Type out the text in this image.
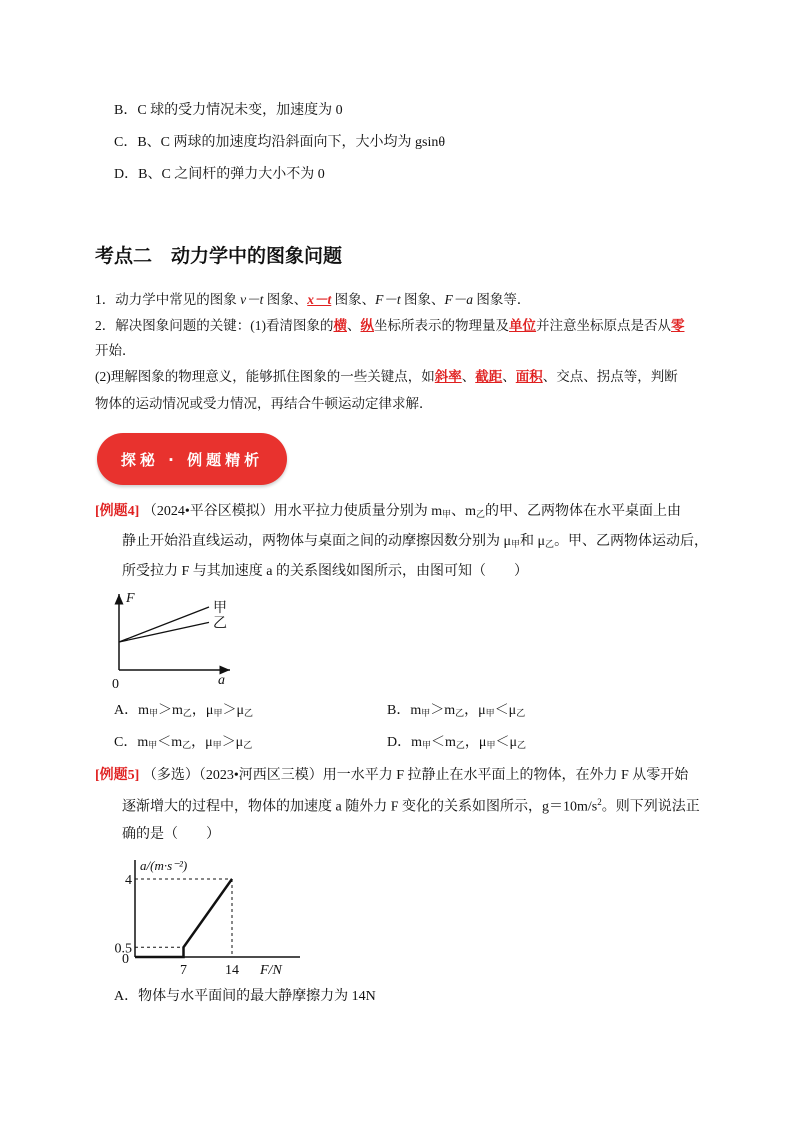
B．C 球的受力情况未变，加速度为 0
C．B、C 两球的加速度均沿斜面向下，大小均为 gsinθ
D．B、C 之间杆的弹力大小不为 0
考点二　动力学中的图象问题
1．动力学中常见的图象 v－t 图象、x－t 图象、F－t 图象、F－a 图象等．
2．解决图象问题的关键：(1)看清图象的横、纵坐标所表示的物理量及单位并注意坐标原点是否从零
开始．
(2)理解图象的物理意义，能够抓住图象的一些关键点，如斜率、截距、面积、交点、拐点等，判断
物体的运动情况或受力情况，再结合牛顿运动定律求解．
探秘 · 例题精析
[例题4] （2024•平谷区模拟）用水平拉力使质量分别为 $m_甲$、$m_乙$的甲、乙两物体在水平桌面上由
静止开始沿直线运动，两物体与桌面之间的动摩擦因数分别为 $\mu_甲$和 $\mu_乙$。甲、乙两物体运动后，
所受拉力 F 与其加速度 a 的关系图线如图所示，由图可知（　　）
甲
乙
F
a
0
A．$m_甲>m_乙$，$\mu_甲>\mu_乙$	B．$m_甲>m_乙$，$\mu_甲<\mu_乙$
C．$m_甲<m_乙$，$\mu_甲>\mu_乙$	D．$m_甲<m_乙$，$\mu_甲<\mu_乙$
[例题5] （多选）（2023•河西区三模）用一水平力 F 拉静止在水平面上的物体，在外力 F 从零开始
逐渐增大的过程中，物体的加速度 a 随外力 F 变化的关系如图所示，$g=10m/s^2$。则下列说法正
确的是（　　）
a/(m·s⁻²)
F/N
0
7	14
0.5
4
A．物体与水平面间的最大静摩擦力为 14N
